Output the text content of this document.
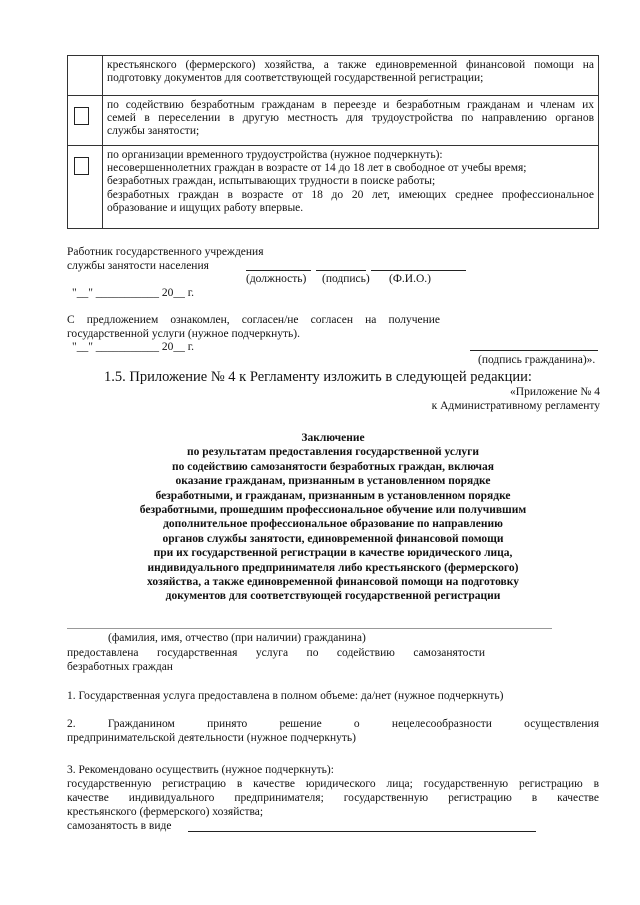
	крестьянского (фермерского) хозяйства, а также единовременной финансовой помощи на
подготовку документов для соответствующей государственной регистрации;

	по содействию безработным гражданам в переезде и безработным гражданам и членам их
семей в переселении в другую местность для трудоустройства по направлению органов
службы занятости;

	по организации временного трудоустройства (нужное подчеркнуть):
несовершеннолетних граждан в возрасте от 14 до 18 лет в свободное от учебы время;
безработных граждан, испытывающих трудности в поиске работы;
безработных граждан в возрасте от 18 до 20 лет, имеющих среднее профессиональное
образование и ищущих работу впервые.
Работник государственного учреждения
службы занятости населения
(должность) (подпись) (Ф.И.О.)
"__" ___________ 20__ г.
С предложением ознакомлен, согласен/не согласен на получение
государственной услуги (нужное подчеркнуть).
"__" ___________ 20__ г.
(подпись гражданина)».
1.5. Приложение № 4 к Регламенту изложить в следующей редакции:
«Приложение № 4
к Административному регламенту
Заключение
по результатам предоставления государственной услуги
по содействию самозанятости безработных граждан, включая
оказание гражданам, признанным в установленном порядке
безработными, и гражданам, признанным в установленном порядке
безработными, прошедшим профессиональное обучение или получившим
дополнительное профессиональное образование по направлению
органов службы занятости, единовременной финансовой помощи
при их государственной регистрации в качестве юридического лица,
индивидуального предпринимателя либо крестьянского (фермерского)
хозяйства, а также единовременной финансовой помощи на подготовку
документов для соответствующей государственной регистрации
(фамилия, имя, отчество (при наличии) гражданина)
предоставлена государственная услуга по содействию самозанятости
безработных граждан
1. Государственная услуга предоставлена в полном объеме: да/нет (нужное подчеркнуть)
2. Гражданином принято решение о нецелесообразности осуществления
предпринимательской деятельности (нужное подчеркнуть)
3. Рекомендовано осуществить (нужное подчеркнуть):
государственную регистрацию в качестве юридического лица; государственную регистрацию в
качестве индивидуального предпринимателя; государственную регистрацию в качестве
крестьянского (фермерского) хозяйства;
самозанятость в виде
